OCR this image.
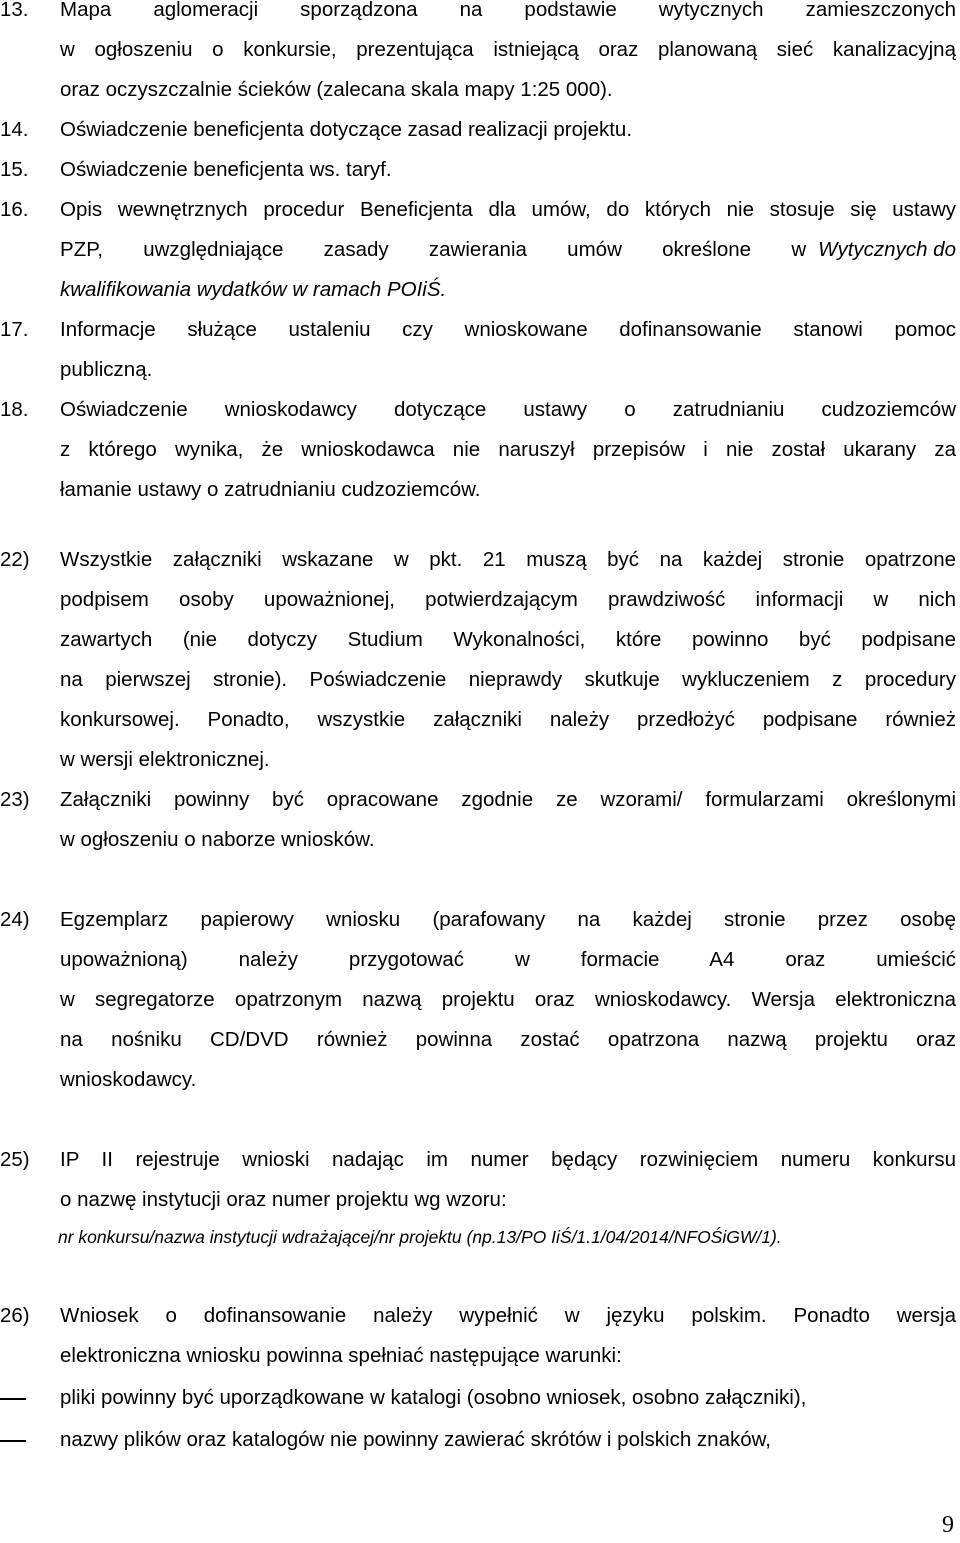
13. Mapa aglomeracji sporządzona na podstawie wytycznych zamieszczonych
w ogłoszeniu o konkursie, prezentująca istniejącą oraz planowaną sieć kanalizacyjną
oraz oczyszczalnie ścieków (zalecana skala mapy 1:25 000).
14. Oświadczenie beneficjenta dotyczące zasad realizacji projektu.
15. Oświadczenie beneficjenta ws. taryf.
16. Opis wewnętrznych procedur Beneficjenta dla umów, do których nie stosuje się ustawy
PZP, uwzględniające zasady zawierania umów określone w Wytycznych do
kwalifikowania wydatków w ramach POIiŚ.
17. Informacje służące ustaleniu czy wnioskowane dofinansowanie stanowi pomoc
publiczną.
18. Oświadczenie wnioskodawcy dotyczące ustawy o zatrudnianiu cudzoziemców
z którego wynika, że wnioskodawca nie naruszył przepisów i nie został ukarany za
łamanie ustawy o zatrudnianiu cudzoziemców.
22) Wszystkie załączniki wskazane w pkt. 21 muszą być na każdej stronie opatrzone
podpisem osoby upoważnionej, potwierdzającym prawdziwość informacji w nich
zawartych (nie dotyczy Studium Wykonalności, które powinno być podpisane
na pierwszej stronie). Poświadczenie nieprawdy skutkuje wykluczeniem z procedury
konkursowej. Ponadto, wszystkie załączniki należy przedłożyć podpisane również
w wersji elektronicznej.
23) Załączniki powinny być opracowane zgodnie ze wzorami/ formularzami określonymi
w ogłoszeniu o naborze wniosków.
24) Egzemplarz papierowy wniosku (parafowany na każdej stronie przez osobę
upoważnioną) należy przygotować w formacie A4 oraz umieścić
w segregatorze opatrzonym nazwą projektu oraz wnioskodawcy. Wersja elektroniczna
na nośniku CD/DVD również powinna zostać opatrzona nazwą projektu oraz
wnioskodawcy.
25) IP II rejestruje wnioski nadając im numer będący rozwinięciem numeru konkursu
o nazwę instytucji oraz numer projektu wg wzoru:
nr konkursu/nazwa instytucji wdrażającej/nr projektu (np.13/PO IiŚ/1.1/04/2014/NFOŚiGW/1).
26) Wniosek o dofinansowanie należy wypełnić w języku polskim. Ponadto wersja
elektroniczna wniosku powinna spełniać następujące warunki:
pliki powinny być uporządkowane w katalogi (osobno wniosek, osobno załączniki),
nazwy plików oraz katalogów nie powinny zawierać skrótów i polskich znaków,
9
